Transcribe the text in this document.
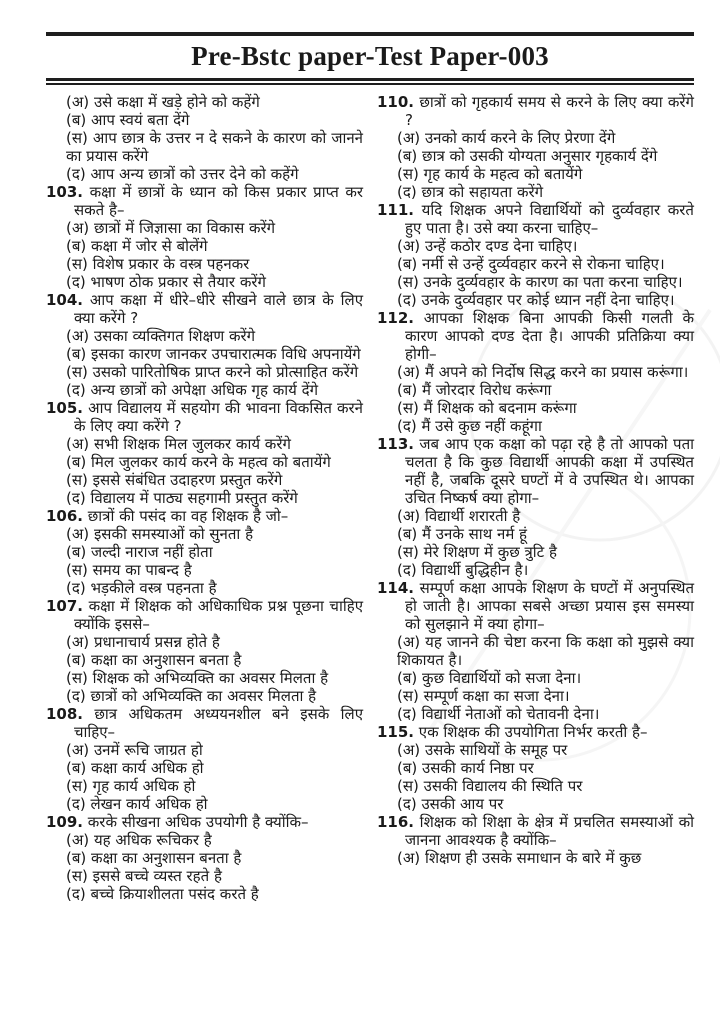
Pre-Bstc paper-Test Paper-003
(अ) उसे कक्षा में खड़े होने को कहेंगे
(ब) आप स्वयं बता देंगे
(स) आप छात्र के उत्तर न दे सकने के कारण को जानने का प्रयास करेंगे
(द) आप अन्य छात्रों को उत्तर देने को कहेंगे
103. कक्षा में छात्रों के ध्यान को किस प्रकार प्राप्त कर सकते है–
(अ) छात्रों में जिज्ञासा का विकास करेंगे
(ब) कक्षा में जोर से बोलेंगे
(स) विशेष प्रकार के वस्त्र पहनकर
(द) भाषण ठोक प्रकार से तैयार करेंगे
104. आप कक्षा में धीरे–धीरे सीखने वाले छात्र के लिए क्या करेंगे ?
(अ) उसका व्यक्तिगत शिक्षण करेंगे
(ब) इसका कारण जानकर उपचारात्मक विधि अपनायेंगे
(स) उसको पारितोषिक प्राप्त करने को प्रोत्साहित करेंगे
(द) अन्य छात्रों को अपेक्षा अधिक गृह कार्य देंगे
105. आप विद्यालय में सहयोग की भावना विकसित करने के लिए क्या करेंगे ?
(अ) सभी शिक्षक मिल जुलकर कार्य करेंगे
(ब) मिल जुलकर कार्य करने के महत्व को बतायेंगे
(स) इससे संबंधित उदाहरण प्रस्तुत करेंगे
(द) विद्यालय में पाठ्य सहगामी प्रस्तुत करेंगे
106. छात्रों की पसंद का वह शिक्षक है जो–
(अ) इसकी समस्याओं को सुनता है
(ब) जल्दी नाराज नहीं होता
(स) समय का पाबन्द है
(द) भड़कीले वस्त्र पहनता है
107. कक्षा में शिक्षक को अधिकाधिक प्रश्न पूछना चाहिए क्योंकि इससे–
(अ) प्रधानाचार्य प्रसन्न होते है
(ब) कक्षा का अनुशासन बनता है
(स) शिक्षक को अभिव्यक्ति का अवसर मिलता है
(द) छात्रों को अभिव्यक्ति का अवसर मिलता है
108. छात्र अधिकतम अध्ययनशील बने इसके लिए चाहिए–
(अ) उनमें रूचि जाग्रत हो
(ब) कक्षा कार्य अधिक हो
(स) गृह कार्य अधिक हो
(द) लेखन कार्य अधिक हो
109. करके सीखना अधिक उपयोगी है क्योंकि–
(अ) यह अधिक रूचिकर है
(ब) कक्षा का अनुशासन बनता है
(स) इससे बच्चे व्यस्त रहते है
(द) बच्चे क्रियाशीलता पसंद करते है
110. छात्रों को गृहकार्य समय से करने के लिए क्या करेंगे ?
(अ) उनको कार्य करने के लिए प्रेरणा देंगे
(ब) छात्र को उसकी योग्यता अनुसार गृहकार्य देंगे
(स) गृह कार्य के महत्व को बतायेंगे
(द) छात्र को सहायता करेंगे
111. यदि शिक्षक अपने विद्यार्थियों को दुर्व्यवहार करते हुए पाता है। उसे क्या करना चाहिए–
(अ) उन्हें कठोर दण्ड देना चाहिए।
(ब) नर्मी से उन्हें दुर्व्यवहार करने से रोकना चाहिए।
(स) उनके दुर्व्यवहार के कारण का पता करना चाहिए।
(द) उनके दुर्व्यवहार पर कोई ध्यान नहीं देना चाहिए।
112. आपका शिक्षक बिना आपकी किसी गलती के कारण आपको दण्ड देता है। आपकी प्रतिक्रिया क्या होगी–
(अ) मैं अपने को निर्दोष सिद्ध करने का प्रयास करूंगा।
(ब) मैं जोरदार विरोध करूंगा
(स) मैं शिक्षक को बदनाम करूंगा
(द) मैं उसे कुछ नहीं कहूंगा
113. जब आप एक कक्षा को पढ़ा रहे है तो आपको पता चलता है कि कुछ विद्यार्थी आपकी कक्षा में उपस्थित नहीं है, जबकि दूसरे घण्टों में वे उपस्थित थे। आपका उचित निष्कर्ष क्या होगा–
(अ) विद्यार्थी शरारती है
(ब) मैं उनके साथ नर्म हूं
(स) मेरे शिक्षण में कुछ त्रुटि है
(द) विद्यार्थी बुद्धिहीन है।
114. सम्पूर्ण कक्षा आपके शिक्षण के घण्टों में अनुपस्थित हो जाती है। आपका सबसे अच्छा प्रयास इस समस्या को सुलझाने में क्या होगा–
(अ) यह जानने की चेष्टा करना कि कक्षा को मुझसे क्या शिकायत है।
(ब) कुछ विद्यार्थियों को सजा देना।
(स) सम्पूर्ण कक्षा का सजा देना।
(द) विद्यार्थी नेताओं को चेतावनी देना।
115. एक शिक्षक की उपयोगिता निर्भर करती है–
(अ) उसके साथियों के समूह पर
(ब) उसकी कार्य निष्ठा पर
(स) उसकी विद्यालय की स्थिति पर
(द) उसकी आय पर
116. शिक्षक को शिक्षा के क्षेत्र में प्रचलित समस्याओं को जानना आवश्यक है क्योंकि–
(अ) शिक्षण ही उसके समाधान के बारे में कुछ
